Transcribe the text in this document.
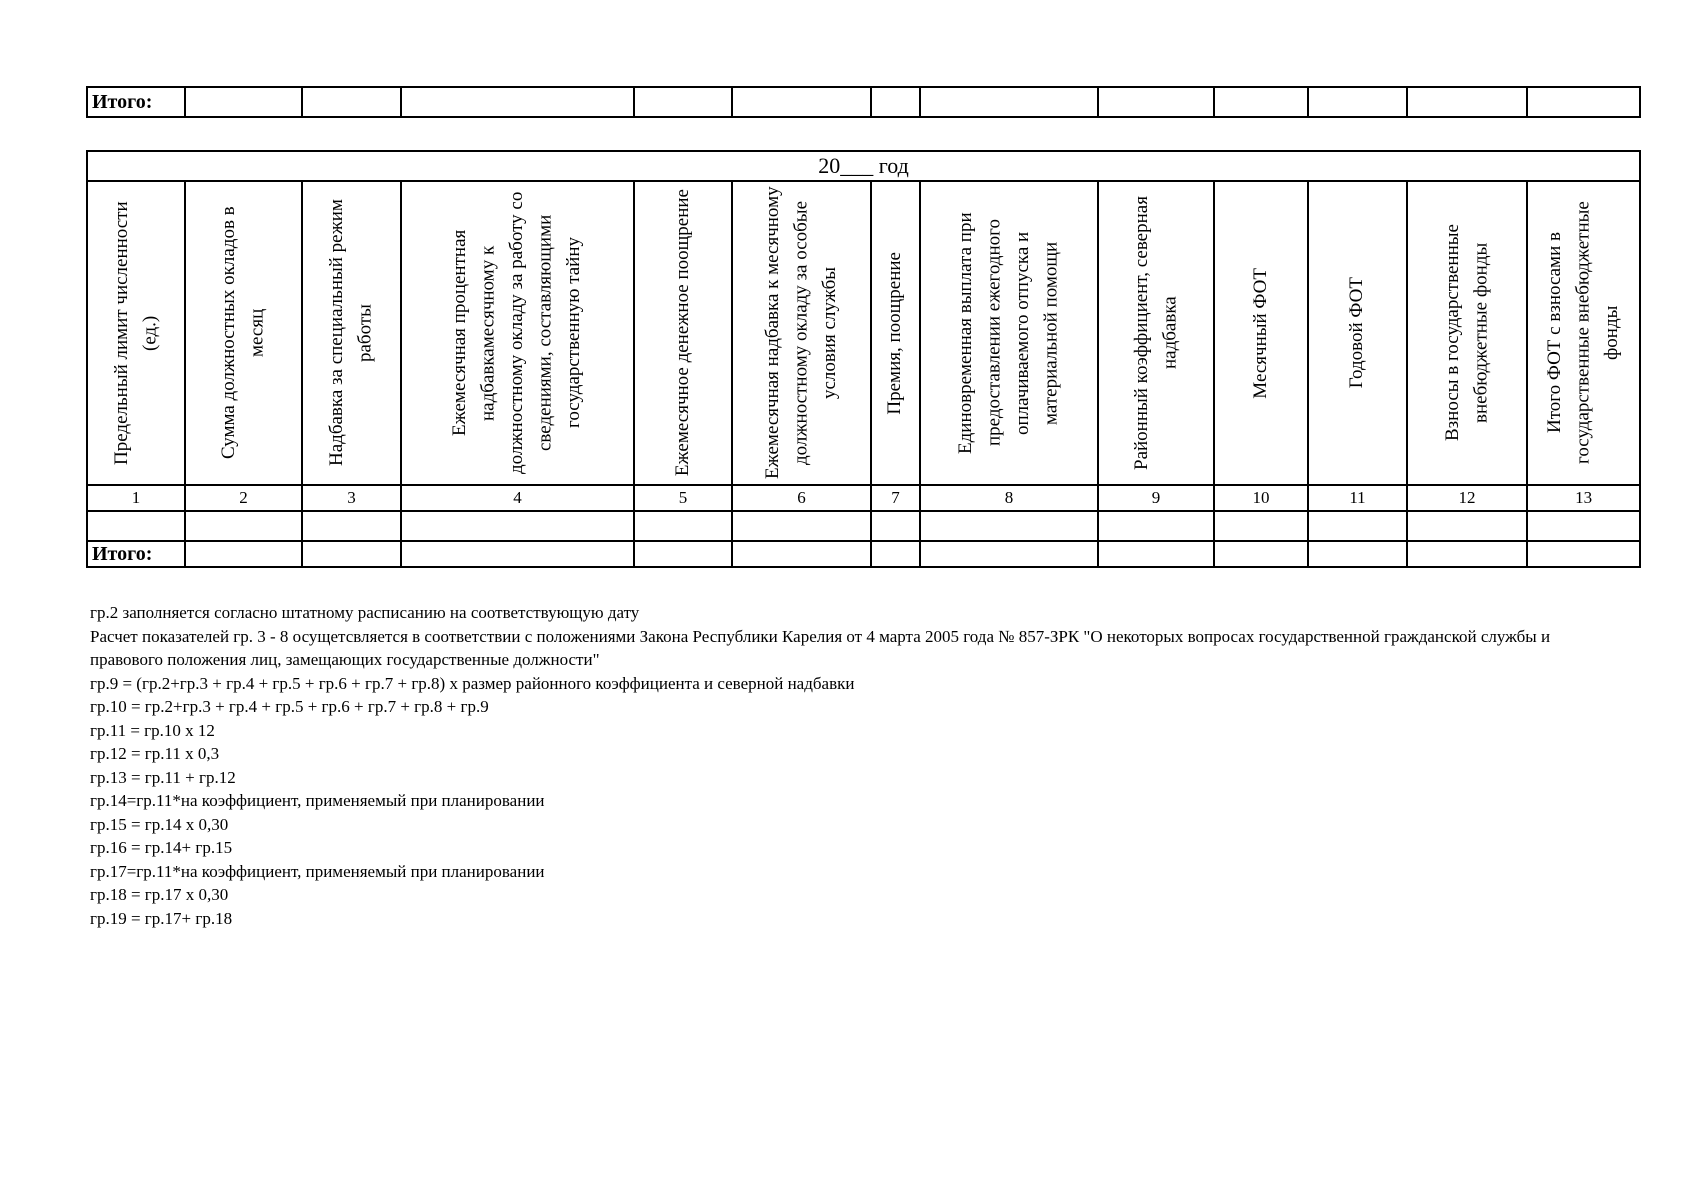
Итого:												
20___ год												

Предельный лимит численности (ед.)	Сумма должностных окладов в месяц	Надбавка за специальный режим работы	Ежемесячная процентная надбавкамесячному к должностному окладу за работу со сведениями, составляющими государственную тайну	Ежемесячное денежное поощрение	Ежемесячная надбавка к месячному должностному окладу за особые условия службы	Премия, поощрение	Единовременная выплата при предоставлении ежегодного оплачиваемого отпуска и материальной помощи	Районный коэффициент, северная надбавка	Месячный ФОТ	Годовой ФОТ	Взносы в государственные внебюджетные фонды	Итого ФОТ с взносами в государственные внебюджетные фонды

1	2	3	4	5	6	7	8	9	10	11	12	13

Итого:												
гр.2 заполняется согласно штатному расписанию на соответствующую дату
Расчет показателей гр. 3 - 8 осущетсвляется в соответствии с положениями Закона Республики Карелия от 4 марта 2005 года № 857-ЗРК "О некоторых вопросах государственной гражданской службы и правового положения лиц, замещающих государственные должности"
гр.9 = (гр.2+гр.3 + гр.4 + гр.5 + гр.6 + гр.7 + гр.8) х размер районного коэффициента и северной надбавки
гр.10 = гр.2+гр.3 + гр.4 + гр.5 + гр.6 + гр.7 + гр.8 + гр.9
гр.11 = гр.10 х 12
гр.12 = гр.11 х 0,3
гр.13 = гр.11 + гр.12
гр.14=гр.11*на коэффициент, применяемый при планировании
гр.15 = гр.14 х 0,30
гр.16 = гр.14+ гр.15
гр.17=гр.11*на коэффициент, применяемый при планировании
гр.18 = гр.17 х 0,30
гр.19 = гр.17+ гр.18
